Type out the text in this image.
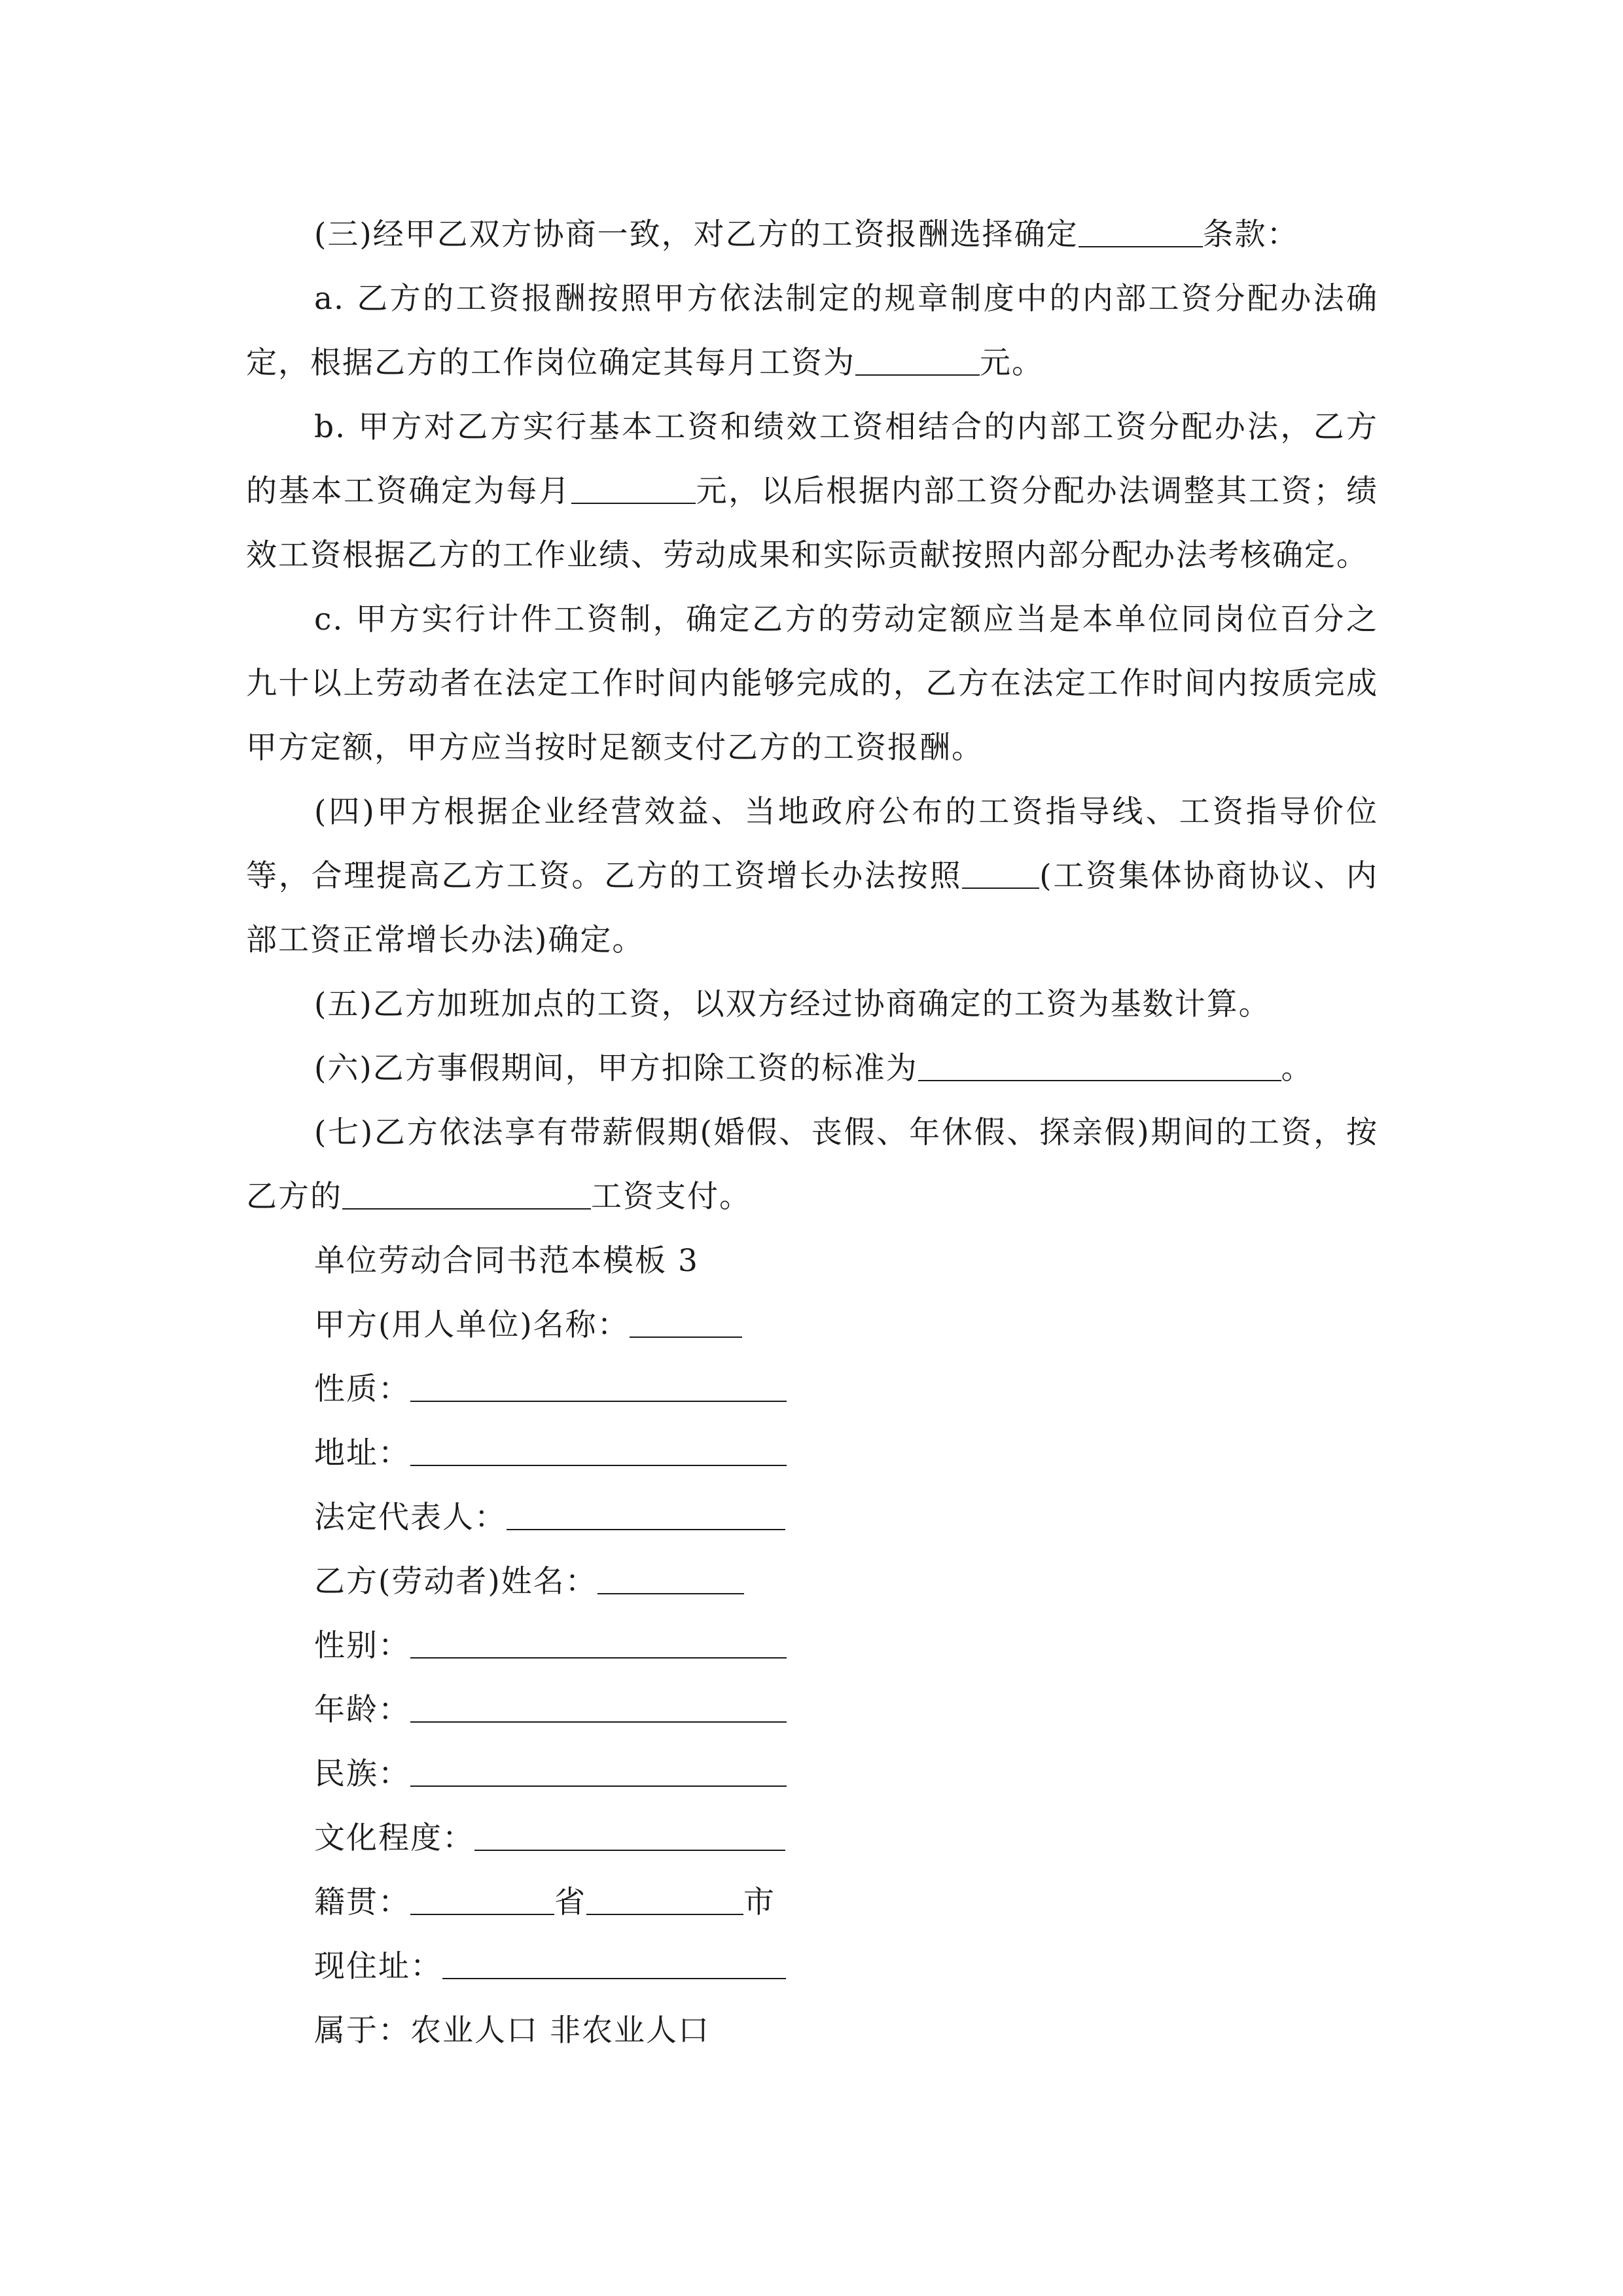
(三)经甲乙双方协商一致，对乙方的工资报酬选择确定	条款：

a. 乙方的工资报酬按照甲方依法制定的规章制度中的内部工资分配办法确定，根据乙方的工作岗位确定其每月工资为	元。

b. 甲方对乙方实行基本工资和绩效工资相结合的内部工资分配办法，乙方的基本工资确定为每月	元，以后根据内部工资分配办法调整其工资；绩效工资根据乙方的工作业绩、劳动成果和实际贡献按照内部分配办法考核确定。

c. 甲方实行计件工资制，确定乙方的劳动定额应当是本单位同岗位百分之九十以上劳动者在法定工作时间内能够完成的，乙方在法定工作时间内按质完成甲方定额，甲方应当按时足额支付乙方的工资报酬。

(四)甲方根据企业经营效益、当地政府公布的工资指导线、工资指导价位等，合理提高乙方工资。乙方的工资增长办法按照	(工资集体协商协议、内部工资正常增长办法)确定。

(五)乙方加班加点的工资，以双方经过协商确定的工资为基数计算。

(六)乙方事假期间，甲方扣除工资的标准为	。

(七)乙方依法享有带薪假期(婚假、丧假、年休假、探亲假)期间的工资，按乙方的	工资支付。

单位劳动合同书范本模板 3

甲方(用人单位)名称：

性质：

地址：

法定代表人：

乙方(劳动者)姓名：

性别：

年龄：

民族：

文化程度：

籍贯：	省	市

现住址：

属于：农业人口 非农业人口
